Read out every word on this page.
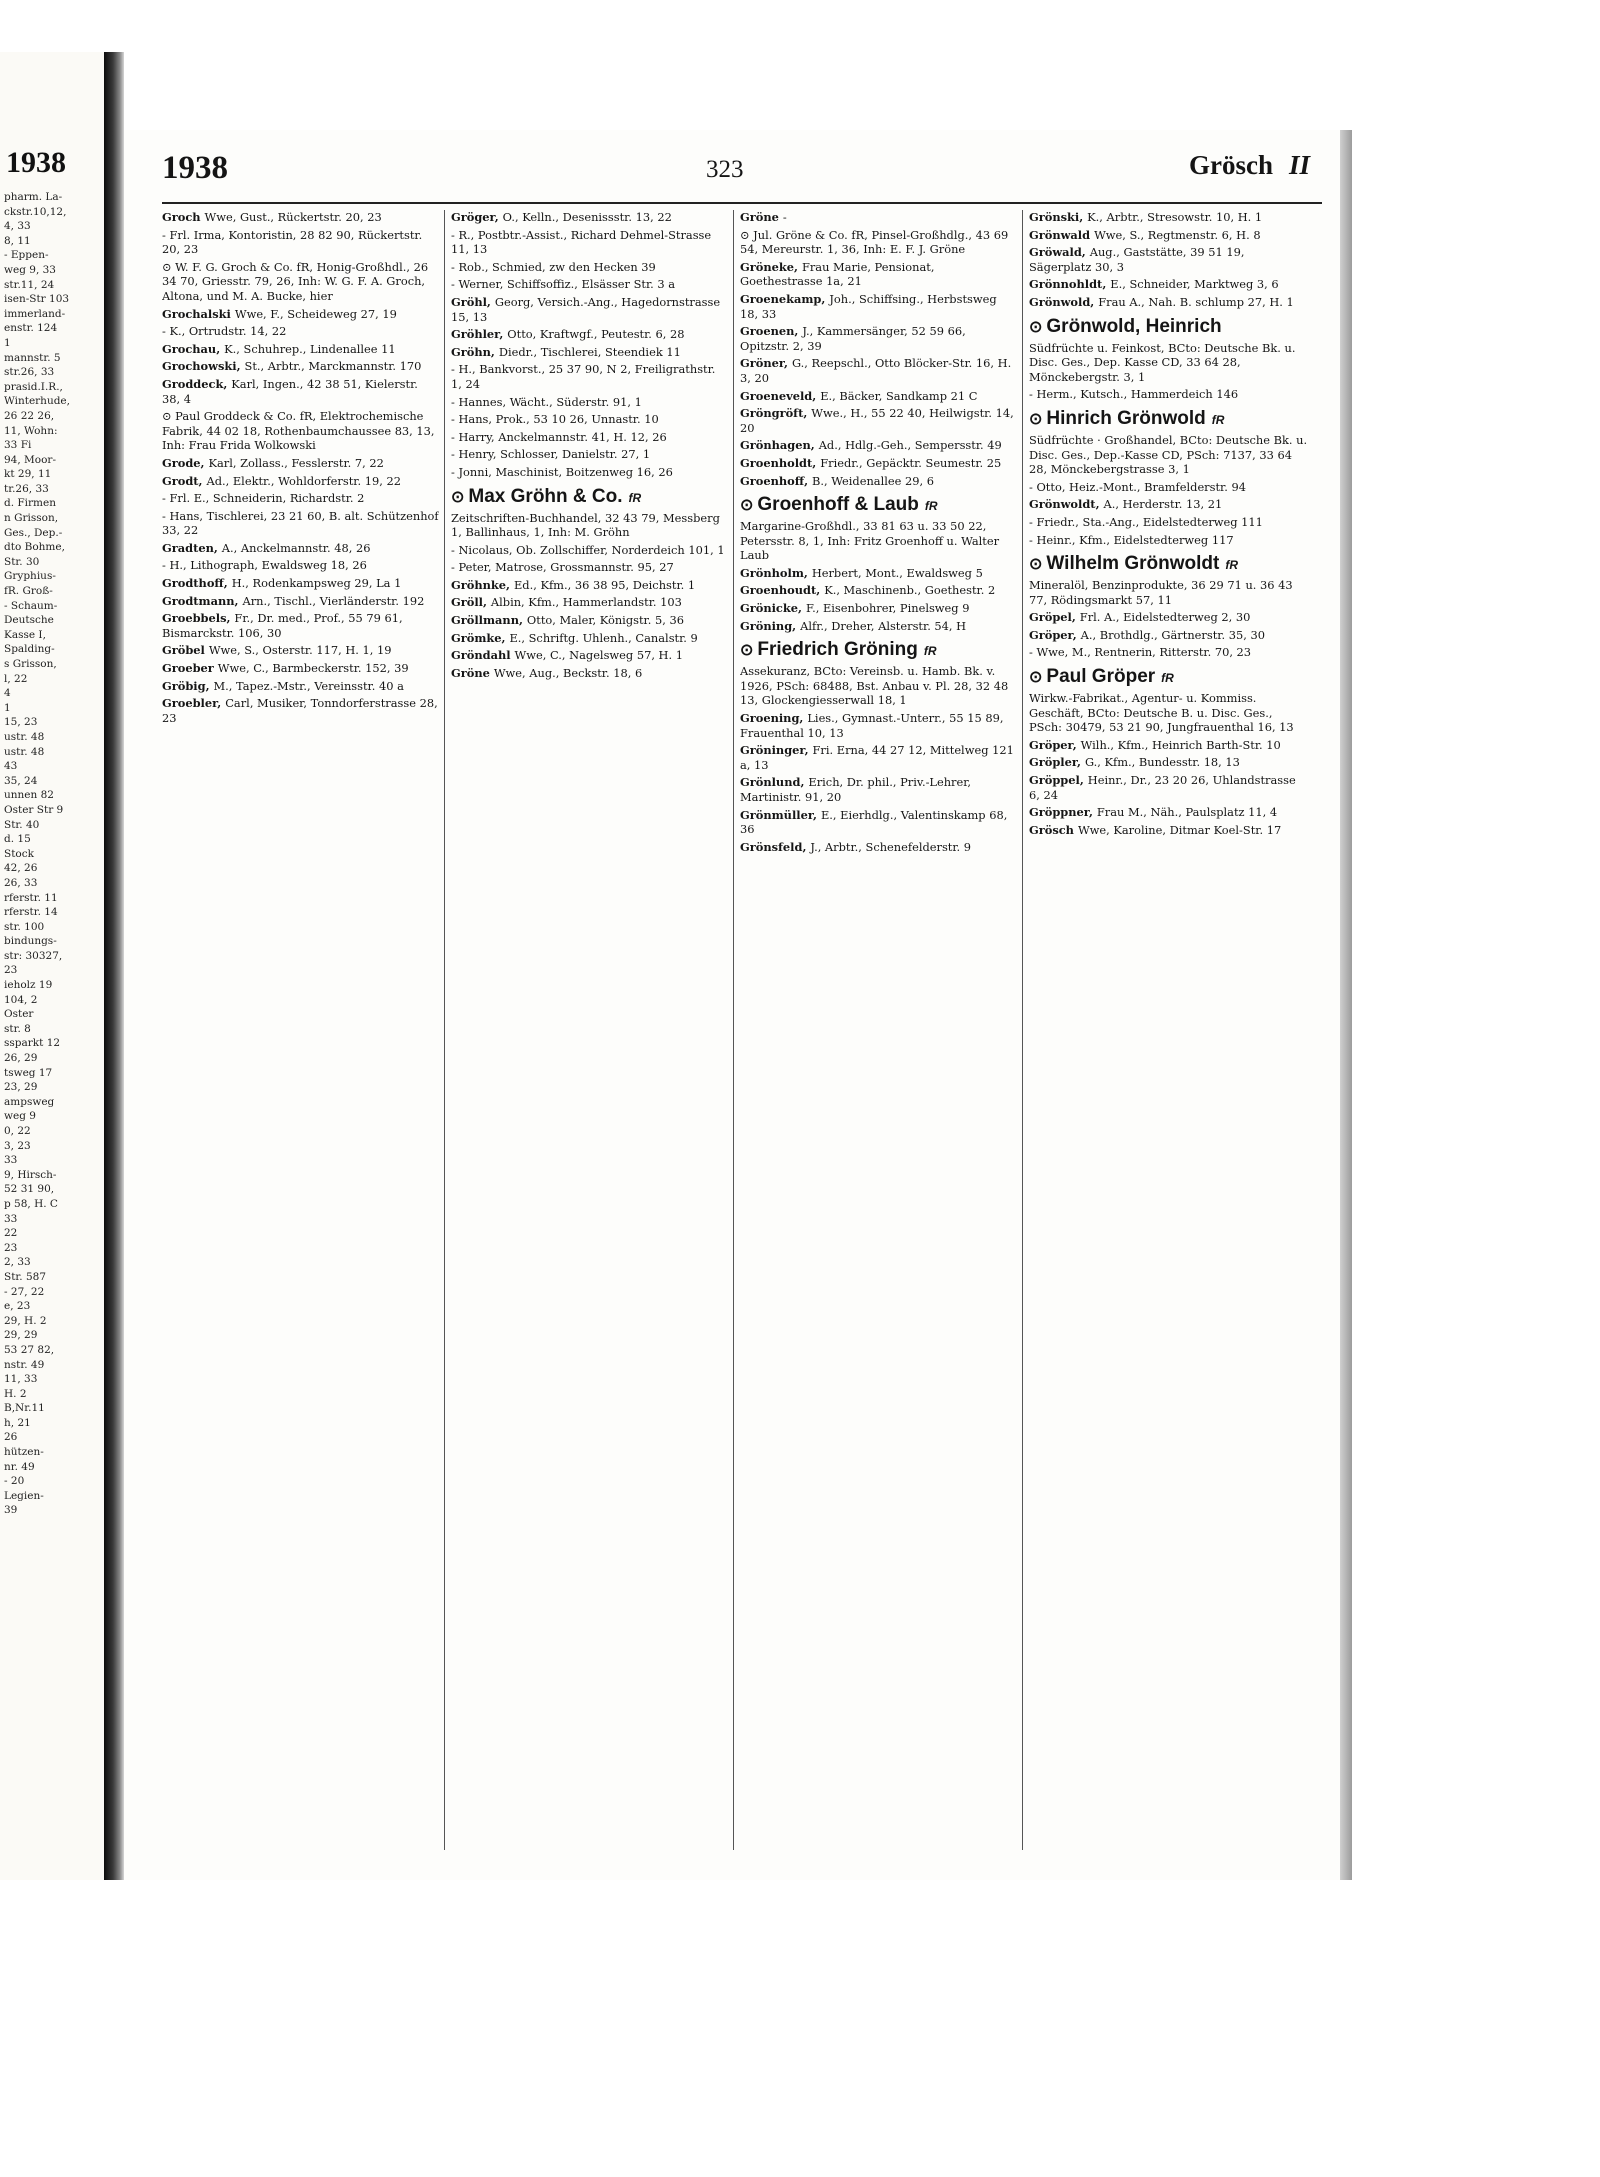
1938
pharm. La-
ckstr.10,12,
4, 33
8, 11
- Eppen-
weg 9, 33
str.11, 24
isen-Str 103
immerland-
enstr. 124
1
mannstr. 5
str.26, 33
prasid.I.R.,
Winterhude,
26 22 26,
11, Wohn:
33 Fi
94, Moor-
kt 29, 11
tr.26, 33
d. Firmen
n Grisson,
Ges., Dep.-
dto Bohme,
Str. 30
Gryphius-
fR. Groß-
- Schaum-
Deutsche
Kasse I,
Spalding-
s Grisson,
l, 22
4
1
15, 23
ustr. 48
ustr. 48
43
35, 24
unnen 82
Oster Str 9
Str. 40
d. 15
Stock
42, 26
26, 33
rferstr. 11
rferstr. 14
str. 100
bindungs-
str: 30327,
23
ieholz 19
104, 2
Oster
str. 8
ssparkt 12
26, 29
tsweg 17
23, 29
ampsweg
weg 9
0, 22
3, 23
33
9, Hirsch-
52 31 90,
p 58, H. C
33
22
23
2, 33
Str. 587
- 27, 22
e, 23
29, H. 2
29, 29
53 27 82,
nstr. 49
11, 33
H. 2
B,Nr.11
h, 21
26
hützen-
nr. 49
- 20
Legien-
39
1938	323	Grösch II
Groch Wwe, Gust., Rückertstr. 20, 23
- Frl. Irma, Kontoristin, 28 82 90, Rückertstr. 20, 23
⊙ W. F. G. Groch & Co. fR, Honig-Großhdl., 26 34 70, Griesstr. 79, 26, Inh: W. G. F. A. Groch, Altona, und M. A. Bucke, hier
Grochalski Wwe, F., Scheideweg 27, 19
- K., Ortrudstr. 14, 22
Grochau, K., Schuhrep., Lindenallee 11
Grochowski, St., Arbtr., Marckmannstr. 170
Groddeck, Karl, Ingen., 42 38 51, Kielerstr. 38, 4
⊙ Paul Groddeck & Co. fR, Elektrochemische Fabrik, 44 02 18, Rothenbaumchaussee 83, 13, Inh: Frau Frida Wolkowski
Grode, Karl, Zollass., Fesslerstr. 7, 22
Grodt, Ad., Elektr., Wohldorferstr. 19, 22
- Frl. E., Schneiderin, Richardstr. 2
- Hans, Tischlerei, 23 21 60, B. alt. Schützenhof 33, 22
Gradten, A., Anckelmannstr. 48, 26
- H., Lithograph, Ewaldsweg 18, 26
Grodthoff, H., Rodenkampsweg 29, La 1
Grodtmann, Arn., Tischl., Vierländerstr. 192
Groebbels, Fr., Dr. med., Prof., 55 79 61, Bismarckstr. 106, 30
Gröbel Wwe, S., Osterstr. 117, H. 1, 19
Groeber Wwe, C., Barmbeckerstr. 152, 39
Gröbig, M., Tapez.-Mstr., Vereinsstr. 40 a
Groebler, Carl, Musiker, Tonndorferstrasse 28, 23
Gröger, O., Kelln., Desenissstr. 13, 22
- R., Postbtr.-Assist., Richard Dehmel-Strasse 11, 13
- Rob., Schmied, zw den Hecken 39
- Werner, Schiffsoffiz., Elsässer Str. 3 a
Gröhl, Georg, Versich.-Ang., Hagedornstrasse 15, 13
Gröhler, Otto, Kraftwgf., Peutestr. 6, 28
Gröhn, Diedr., Tischlerei, Steendiek 11
- H., Bankvorst., 25 37 90, N 2, Freiligrathstr. 1, 24
- Hannes, Wächt., Süderstr. 91, 1
- Hans, Prok., 53 10 26, Unnastr. 10
- Harry, Anckelmannstr. 41, H. 12, 26
- Henry, Schlosser, Danielstr. 27, 1
- Jonni, Maschinist, Boitzenweg 16, 26
⊙ Max Gröhn & Co. fR
Zeitschriften-Buchhandel, 32 43 79, Messberg 1, Ballinhaus, 1, Inh: M. Gröhn
- Nicolaus, Ob. Zollschiffer, Norderdeich 101, 1
- Peter, Matrose, Grossmannstr. 95, 27
Gröhnke, Ed., Kfm., 36 38 95, Deichstr. 1
Gröll, Albin, Kfm., Hammerlandstr. 103
Gröllmann, Otto, Maler, Königstr. 5, 36
Grömke, E., Schriftg. Uhlenh., Canalstr. 9
Gröndahl Wwe, C., Nagelsweg 57, H. 1
Gröne Wwe, Aug., Beckstr. 18, 6
Gröne -
⊙ Jul. Gröne & Co. fR, Pinsel-Großhdlg., 43 69 54, Mereurstr. 1, 36, Inh: E. F. J. Gröne
Gröneke, Frau Marie, Pensionat, Goethestrasse 1a, 21
Groenekamp, Joh., Schiffsing., Herbstsweg 18, 33
Groenen, J., Kammersänger, 52 59 66, Opitzstr. 2, 39
Gröner, G., Reepschl., Otto Blöcker-Str. 16, H. 3, 20
Groeneveld, E., Bäcker, Sandkamp 21 C
Gröngröft, Wwe., H., 55 22 40, Heilwigstr. 14, 20
Grönhagen, Ad., Hdlg.-Geh., Sempersstr. 49
Groenholdt, Friedr., Gepäcktr. Seumestr. 25
Groenhoff, B., Weidenallee 29, 6
⊙ Groenhoff & Laub fR
Margarine-Großhdl., 33 81 63 u. 33 50 22, Petersstr. 8, 1, Inh: Fritz Groenhoff u. Walter Laub
Grönholm, Herbert, Mont., Ewaldsweg 5
Groenhoudt, K., Maschinenb., Goethestr. 2
Grönicke, F., Eisenbohrer, Pinelsweg 9
Gröning, Alfr., Dreher, Alsterstr. 54, H
⊙ Friedrich Gröning fR
Assekuranz, BCto: Vereinsb. u. Hamb. Bk. v. 1926, PSch: 68488, Bst. Anbau v. Pl. 28, 32 48 13, Glockengiesserwall 18, 1
Groening, Lies., Gymnast.-Unterr., 55 15 89, Frauenthal 10, 13
Gröninger, Fri. Erna, 44 27 12, Mittelweg 121 a, 13
Grönlund, Erich, Dr. phil., Priv.-Lehrer, Martinistr. 91, 20
Grönmüller, E., Eierhdlg., Valentinskamp 68, 36
Grönsfeld, J., Arbtr., Schenefelderstr. 9
Grönski, K., Arbtr., Stresowstr. 10, H. 1
Grönwald Wwe, S., Regtmenstr. 6, H. 8
Gröwald, Aug., Gaststätte, 39 51 19, Sägerplatz 30, 3
Grönnohldt, E., Schneider, Marktweg 3, 6
Grönwold, Frau A., Nah. B. schlump 27, H. 1
⊙ Grönwold, Heinrich
Südfrüchte u. Feinkost, BCto: Deutsche Bk. u. Disc. Ges., Dep. Kasse CD, 33 64 28, Mönckebergstr. 3, 1
- Herm., Kutsch., Hammerdeich 146
⊙ Hinrich Grönwold fR
Südfrüchte · Großhandel, BCto: Deutsche Bk. u. Disc. Ges., Dep.-Kasse CD, PSch: 7137, 33 64 28, Mönckebergstrasse 3, 1
- Otto, Heiz.-Mont., Bramfelderstr. 94
Grönwoldt, A., Herderstr. 13, 21
- Friedr., Sta.-Ang., Eidelstedterweg 111
- Heinr., Kfm., Eidelstedterweg 117
⊙ Wilhelm Grönwoldt fR
Mineralöl, Benzinprodukte, 36 29 71 u. 36 43 77, Rödingsmarkt 57, 11
Gröpel, Frl. A., Eidelstedterweg 2, 30
Gröper, A., Brothdlg., Gärtnerstr. 35, 30
- Wwe, M., Rentnerin, Ritterstr. 70, 23
⊙ Paul Gröper fR
Wirkw.-Fabrikat., Agentur- u. Kommiss. Geschäft, BCto: Deutsche B. u. Disc. Ges., PSch: 30479, 53 21 90, Jungfrauenthal 16, 13
Gröper, Wilh., Kfm., Heinrich Barth-Str. 10
Gröpler, G., Kfm., Bundesstr. 18, 13
Gröppel, Heinr., Dr., 23 20 26, Uhlandstrasse 6, 24
Gröppner, Frau M., Näh., Paulsplatz 11, 4
Grösch Wwe, Karoline, Ditmar Koel-Str. 17
